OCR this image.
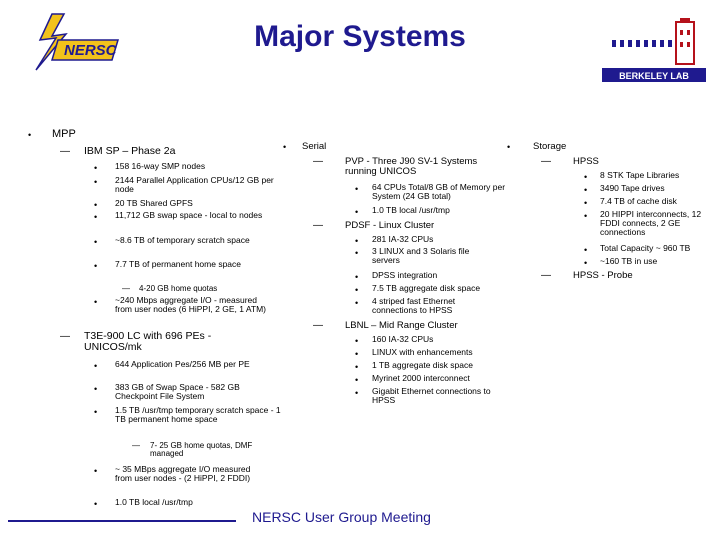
NERSC	Major Systems
BERKELEY LAB
• MPP
— IBM SP – Phase 2a
• 158 16-way SMP nodes
• 2144 Parallel Application CPUs/12 GB per node
• 20 TB Shared GPFS
• 11,712 GB swap space - local to nodes
• ~8.6 TB of temporary scratch space
• 7.7 TB of permanent home space
— 4-20 GB home quotas
• ~240 Mbps aggregate I/O - measured from user nodes (6 HiPPI, 2 GE, 1 ATM)
— T3E-900 LC with 696 PEs - UNICOS/mk
• 644 Application Pes/256 MB per PE
• 383 GB of Swap Space - 582 GB Checkpoint File System
• 1.5 TB /usr/tmp temporary scratch space - 1 TB permanent home space
— 7- 25 GB home quotas, DMF managed
• ~ 35 MBps aggregate I/O measured from user nodes - (2 HiPPI, 2 FDDI)
• 1.0 TB local /usr/tmp
• Serial
— PVP - Three J90 SV-1 Systems running UNICOS
• 64 CPUs Total/8 GB of Memory per System (24 GB total)
• 1.0 TB local /usr/tmp
— PDSF - Linux Cluster
• 281 IA-32 CPUs
• 3 LINUX and 3 Solaris file servers
• DPSS integration
• 7.5 TB aggregate disk space
• 4 striped fast Ethernet connections to HPSS
— LBNL – Mid Range Cluster
• 160 IA-32 CPUs
• LINUX with enhancements
• 1 TB aggregate disk space
• Myrinet 2000 interconnect
• Gigabit Ethernet connections to HPSS
• Storage
— HPSS
• 8 STK Tape Libraries
• 3490 Tape drives
• 7.4 TB of cache disk
• 20 HIPPI interconnects, 12 FDDI connects, 2 GE connections
• Total Capacity ~ 960 TB
• ~160 TB in use
— HPSS - Probe
NERSC User Group Meeting
